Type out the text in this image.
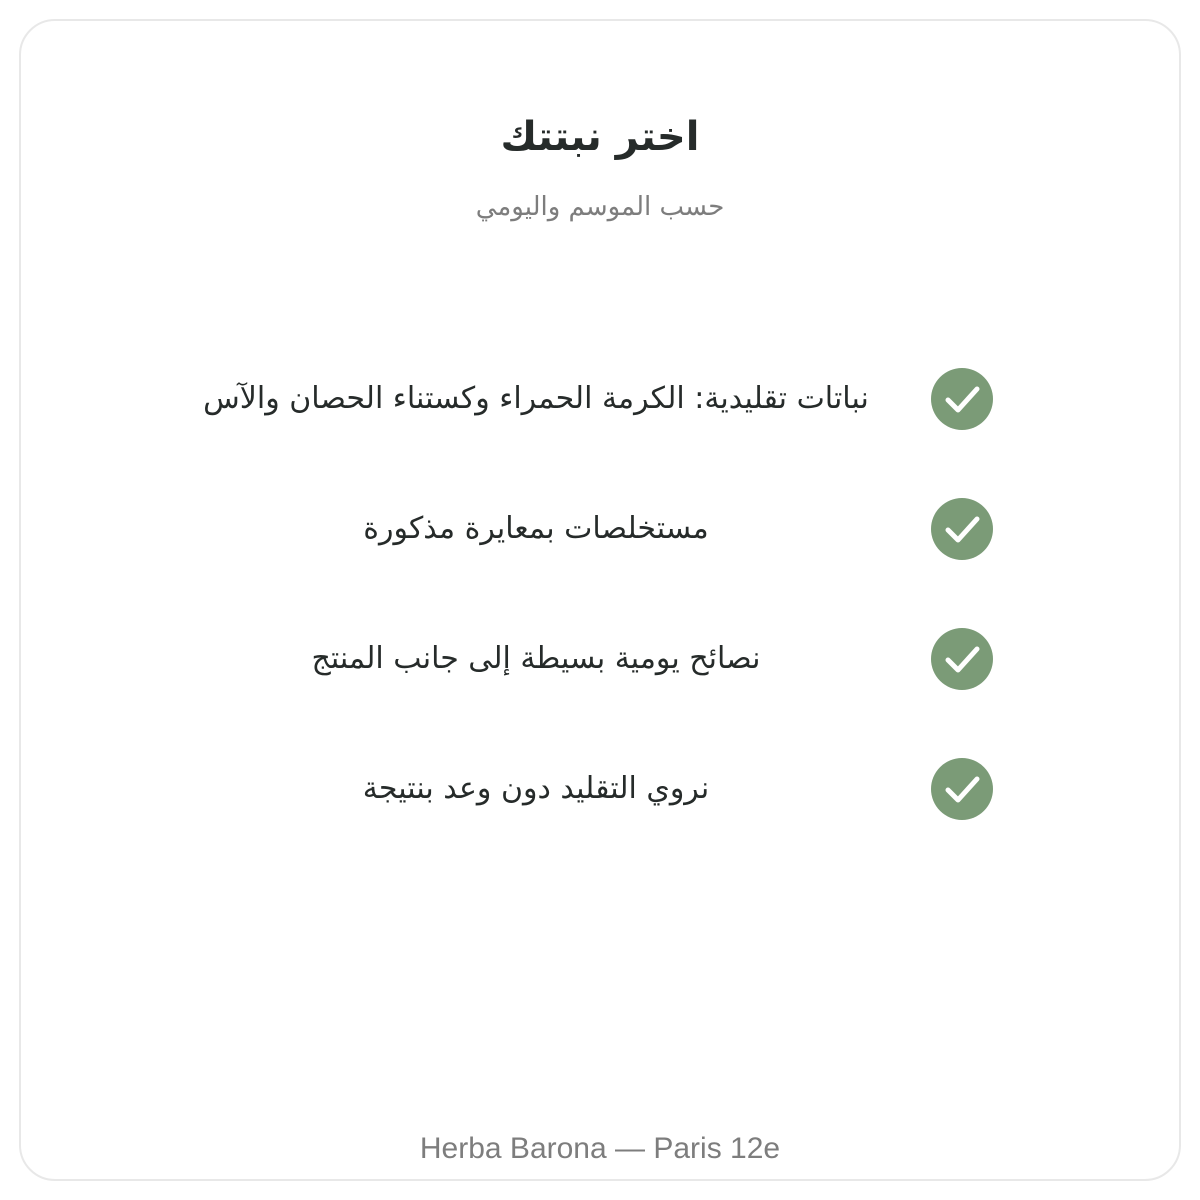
اختر نبتتك
حسب الموسم واليومي
نباتات تقليدية: الكرمة الحمراء وكستناء الحصان والآس
مستخلصات بمعايرة مذكورة
نصائح يومية بسيطة إلى جانب المنتج
نروي التقليد دون وعد بنتيجة
Herba Barona — Paris 12e
